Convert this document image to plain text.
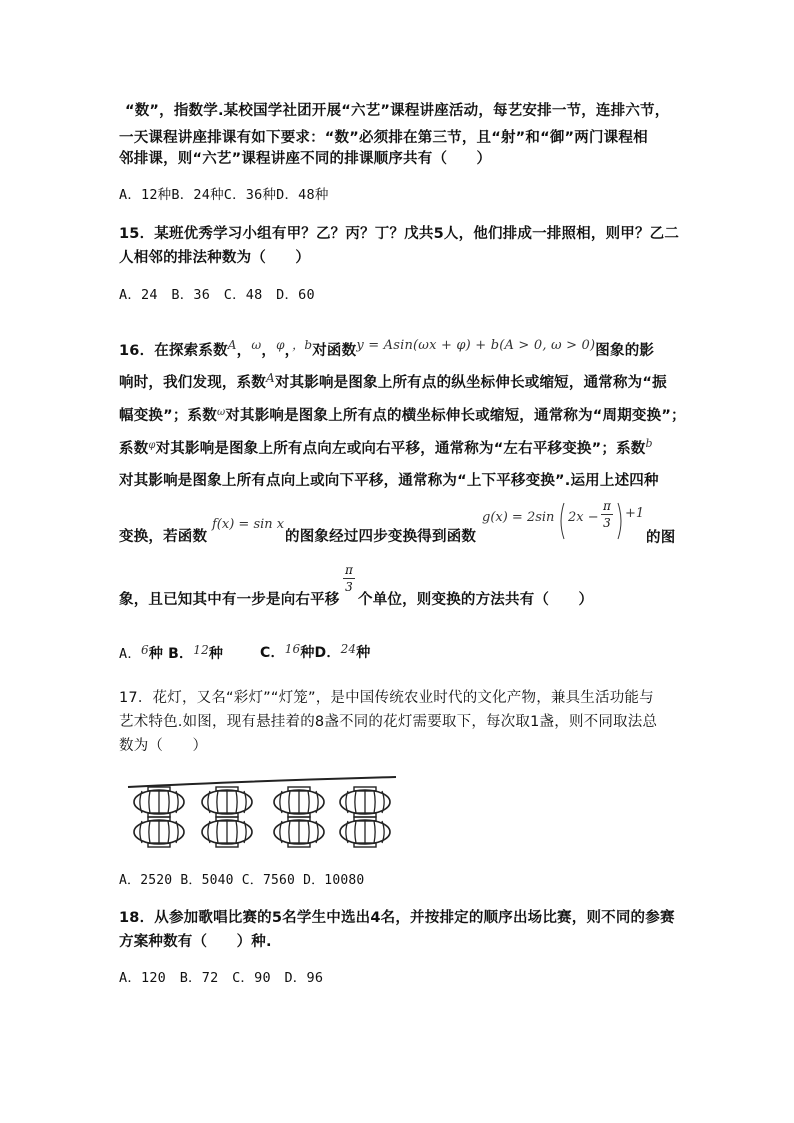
“数”，指数学.某校国学社团开展“六艺”课程讲座活动，每艺安排一节，连排六节，
一天课程讲座排课有如下要求：“数”必须排在第三节，且“射”和“御”两门课程相
邻排课，则“六艺”课程讲座不同的排课顺序共有（　　）
A．12种B．24种C．36种D．48种
15．某班优秀学习小组有甲？乙？丙？丁？戊共5人，他们排成一排照相，则甲？乙二
人相邻的排法种数为（　　）
A．24　B．36　C．48　D．60
16．在探索系数$^A$，$^\omega$，$^\varphi$，$^{,b}$对函数y = Asin(ωx + φ) + b(A > 0, ω > 0)图象的影
响时，我们发现，系数$^A$对其影响是图象上所有点的纵坐标伸长或缩短，通常称为“振
幅变换”；系数$^\omega$对其影响是图象上所有点的横坐标伸长或缩短，通常称为“周期变换”；
系数$^\varphi$对其影响是图象上所有点向左或向右平移，通常称为“左右平移变换”；系数$^b$
对其影响是图象上所有点向上或向下平移，通常称为“上下平移变换”.运用上述四种
变换，若函数
f(x) = sin x
的图象经过四步变换得到函数
g(x) = 2sin 2x −
π
3
+1
的图
象，且已知其中有一步是向右平移
π
3
个单位，则变换的方法共有（　　）
A．6种 B．12种	C．16种D．24种
17．花灯，又名“彩灯”“灯笼”，是中国传统农业时代的文化产物，兼具生活功能与
艺术特色.如图，现有悬挂着的8盏不同的花灯需要取下，每次取1盏，则不同取法总
数为（　　）
A．2520 B．5040 C．7560 D．10080
18．从参加歌唱比赛的5名学生中选出4名，并按排定的顺序出场比赛，则不同的参赛
方案种数有（　　）种.
A．120　B．72　C．90　D．96
